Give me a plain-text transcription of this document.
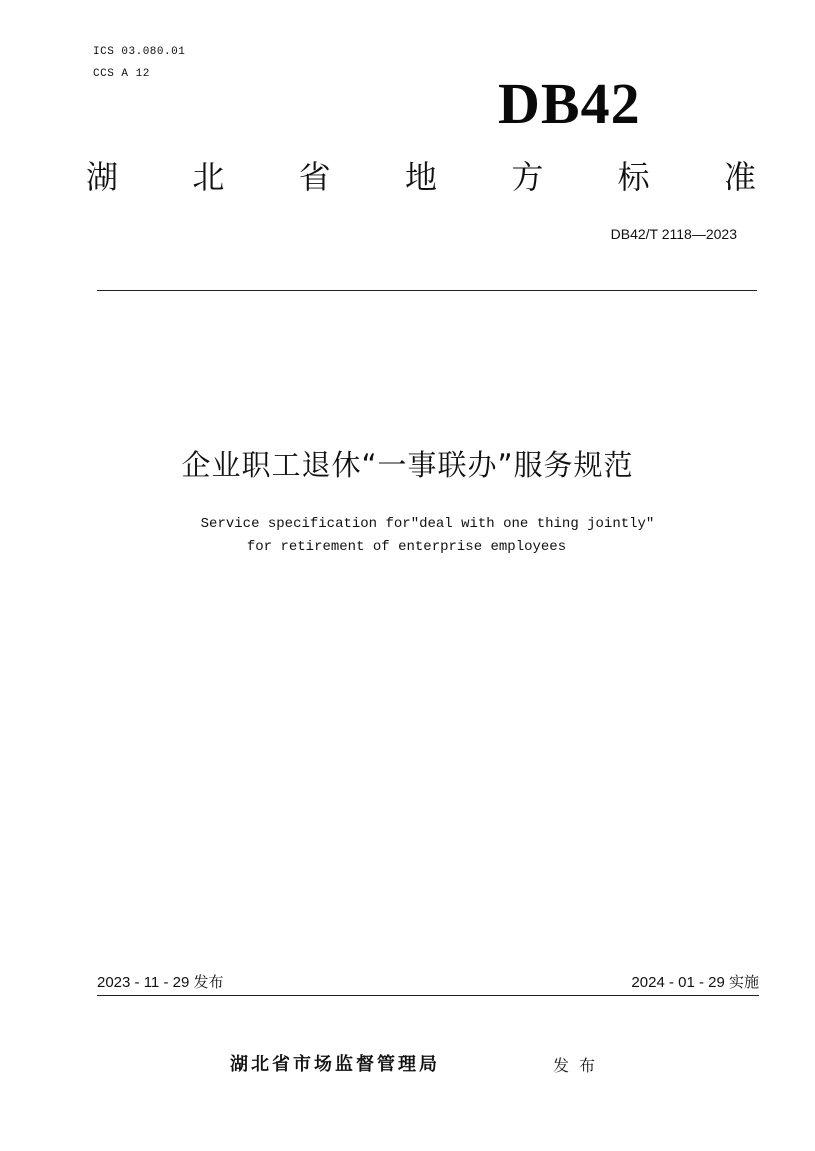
ICS 03.080.01
CCS A 12	DB42
湖 北 省 地 方 标 准
DB42/T 2118—2023
企业职工退休“一事联办”服务规范
Service specification for"deal with one thing jointly"
for retirement of enterprise employees
2023 - 11 - 29 发布	2024 - 01 - 29 实施
湖北省市场监督管理局	发布
